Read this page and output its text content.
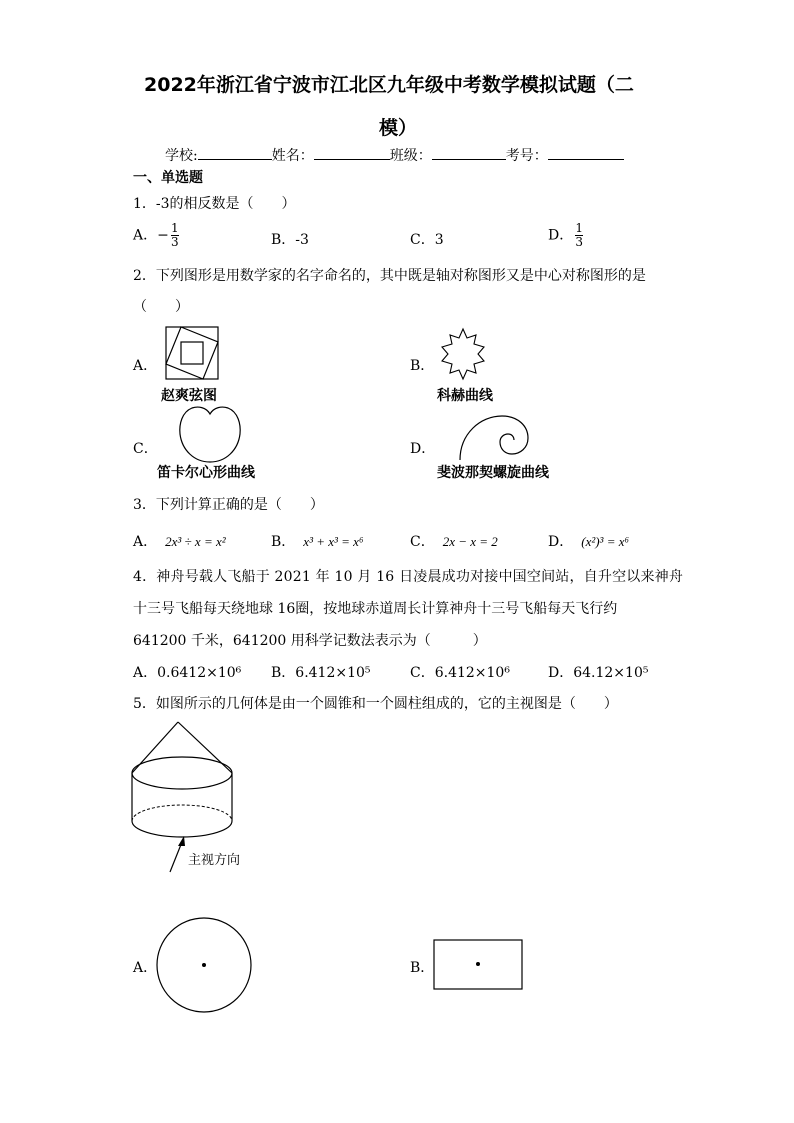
2022年浙江省宁波市江北区九年级中考数学模拟试题（二
模）
学校:	姓名：	班级：	考号：
一、单选题
1．-3的相反数是（　　）
A．− $\frac{1}{3}$	B．-3	C．3	D． $\frac{1}{3}$
2．下列图形是用数学家的名字命名的，其中既是轴对称图形又是中心对称图形的是
（　　）
A．
赵爽弦图
B．
科赫曲线
C．
笛卡尔心形曲线
D．
斐波那契螺旋曲线
3．下列计算正确的是（　　）
A． 2x³ ÷ x = x²	B． x³ + x³ = x⁶	C． 2x − x = 2	D． (x²)³ = x⁶
4．神舟号载人飞船于 2021 年 10 月 16 日凌晨成功对接中国空间站，自升空以来神舟
十三号飞船每天绕地球 16圈，按地球赤道周长计算神舟十三号飞船每天飞行约
641200 千米，641200 用科学记数法表示为（　　　）
A．0.6412×10⁶ B．6.412×10⁵	C．6.412×10⁶	D．64.12×10⁵
5．如图所示的几何体是由一个圆锥和一个圆柱组成的，它的主视图是（　　）
主视方向
A．	B．
